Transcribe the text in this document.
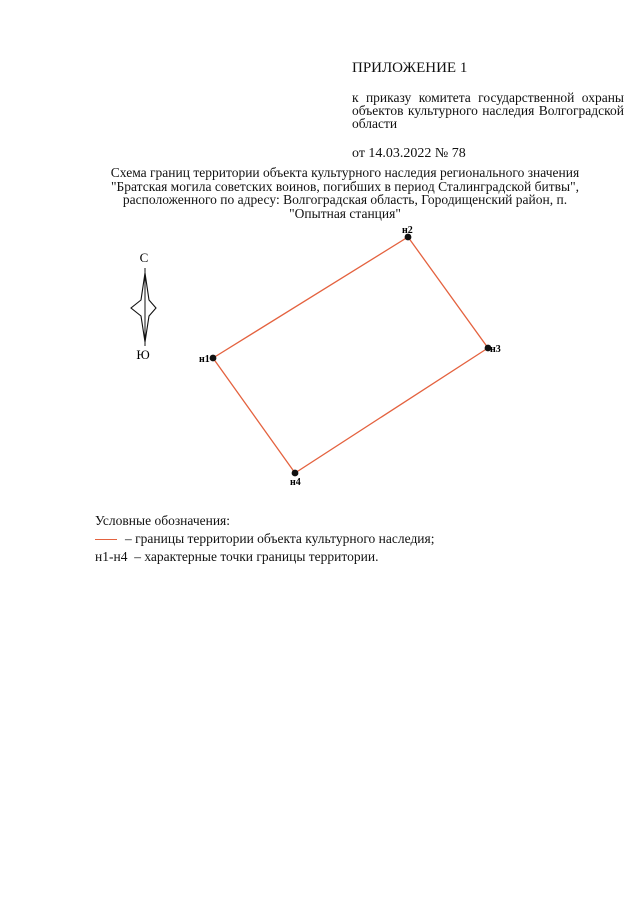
ПРИЛОЖЕНИЕ 1
к приказу комитета государственной охраны объектов культурного наследия Волгоградской области
от 14.03.2022 № 78
Схема границ территории объекта культурного наследия регионального значения "Братская могила советских воинов, погибших в период Сталинградской битвы", расположенного по адресу: Волгоградская область, Городищенский район, п. "Опытная станция"
С
Ю	н1
н2
н3
н4
Условные обозначения:
– границы территории объекта культурного наследия;
н1-н4 – характерные точки границы территории.
